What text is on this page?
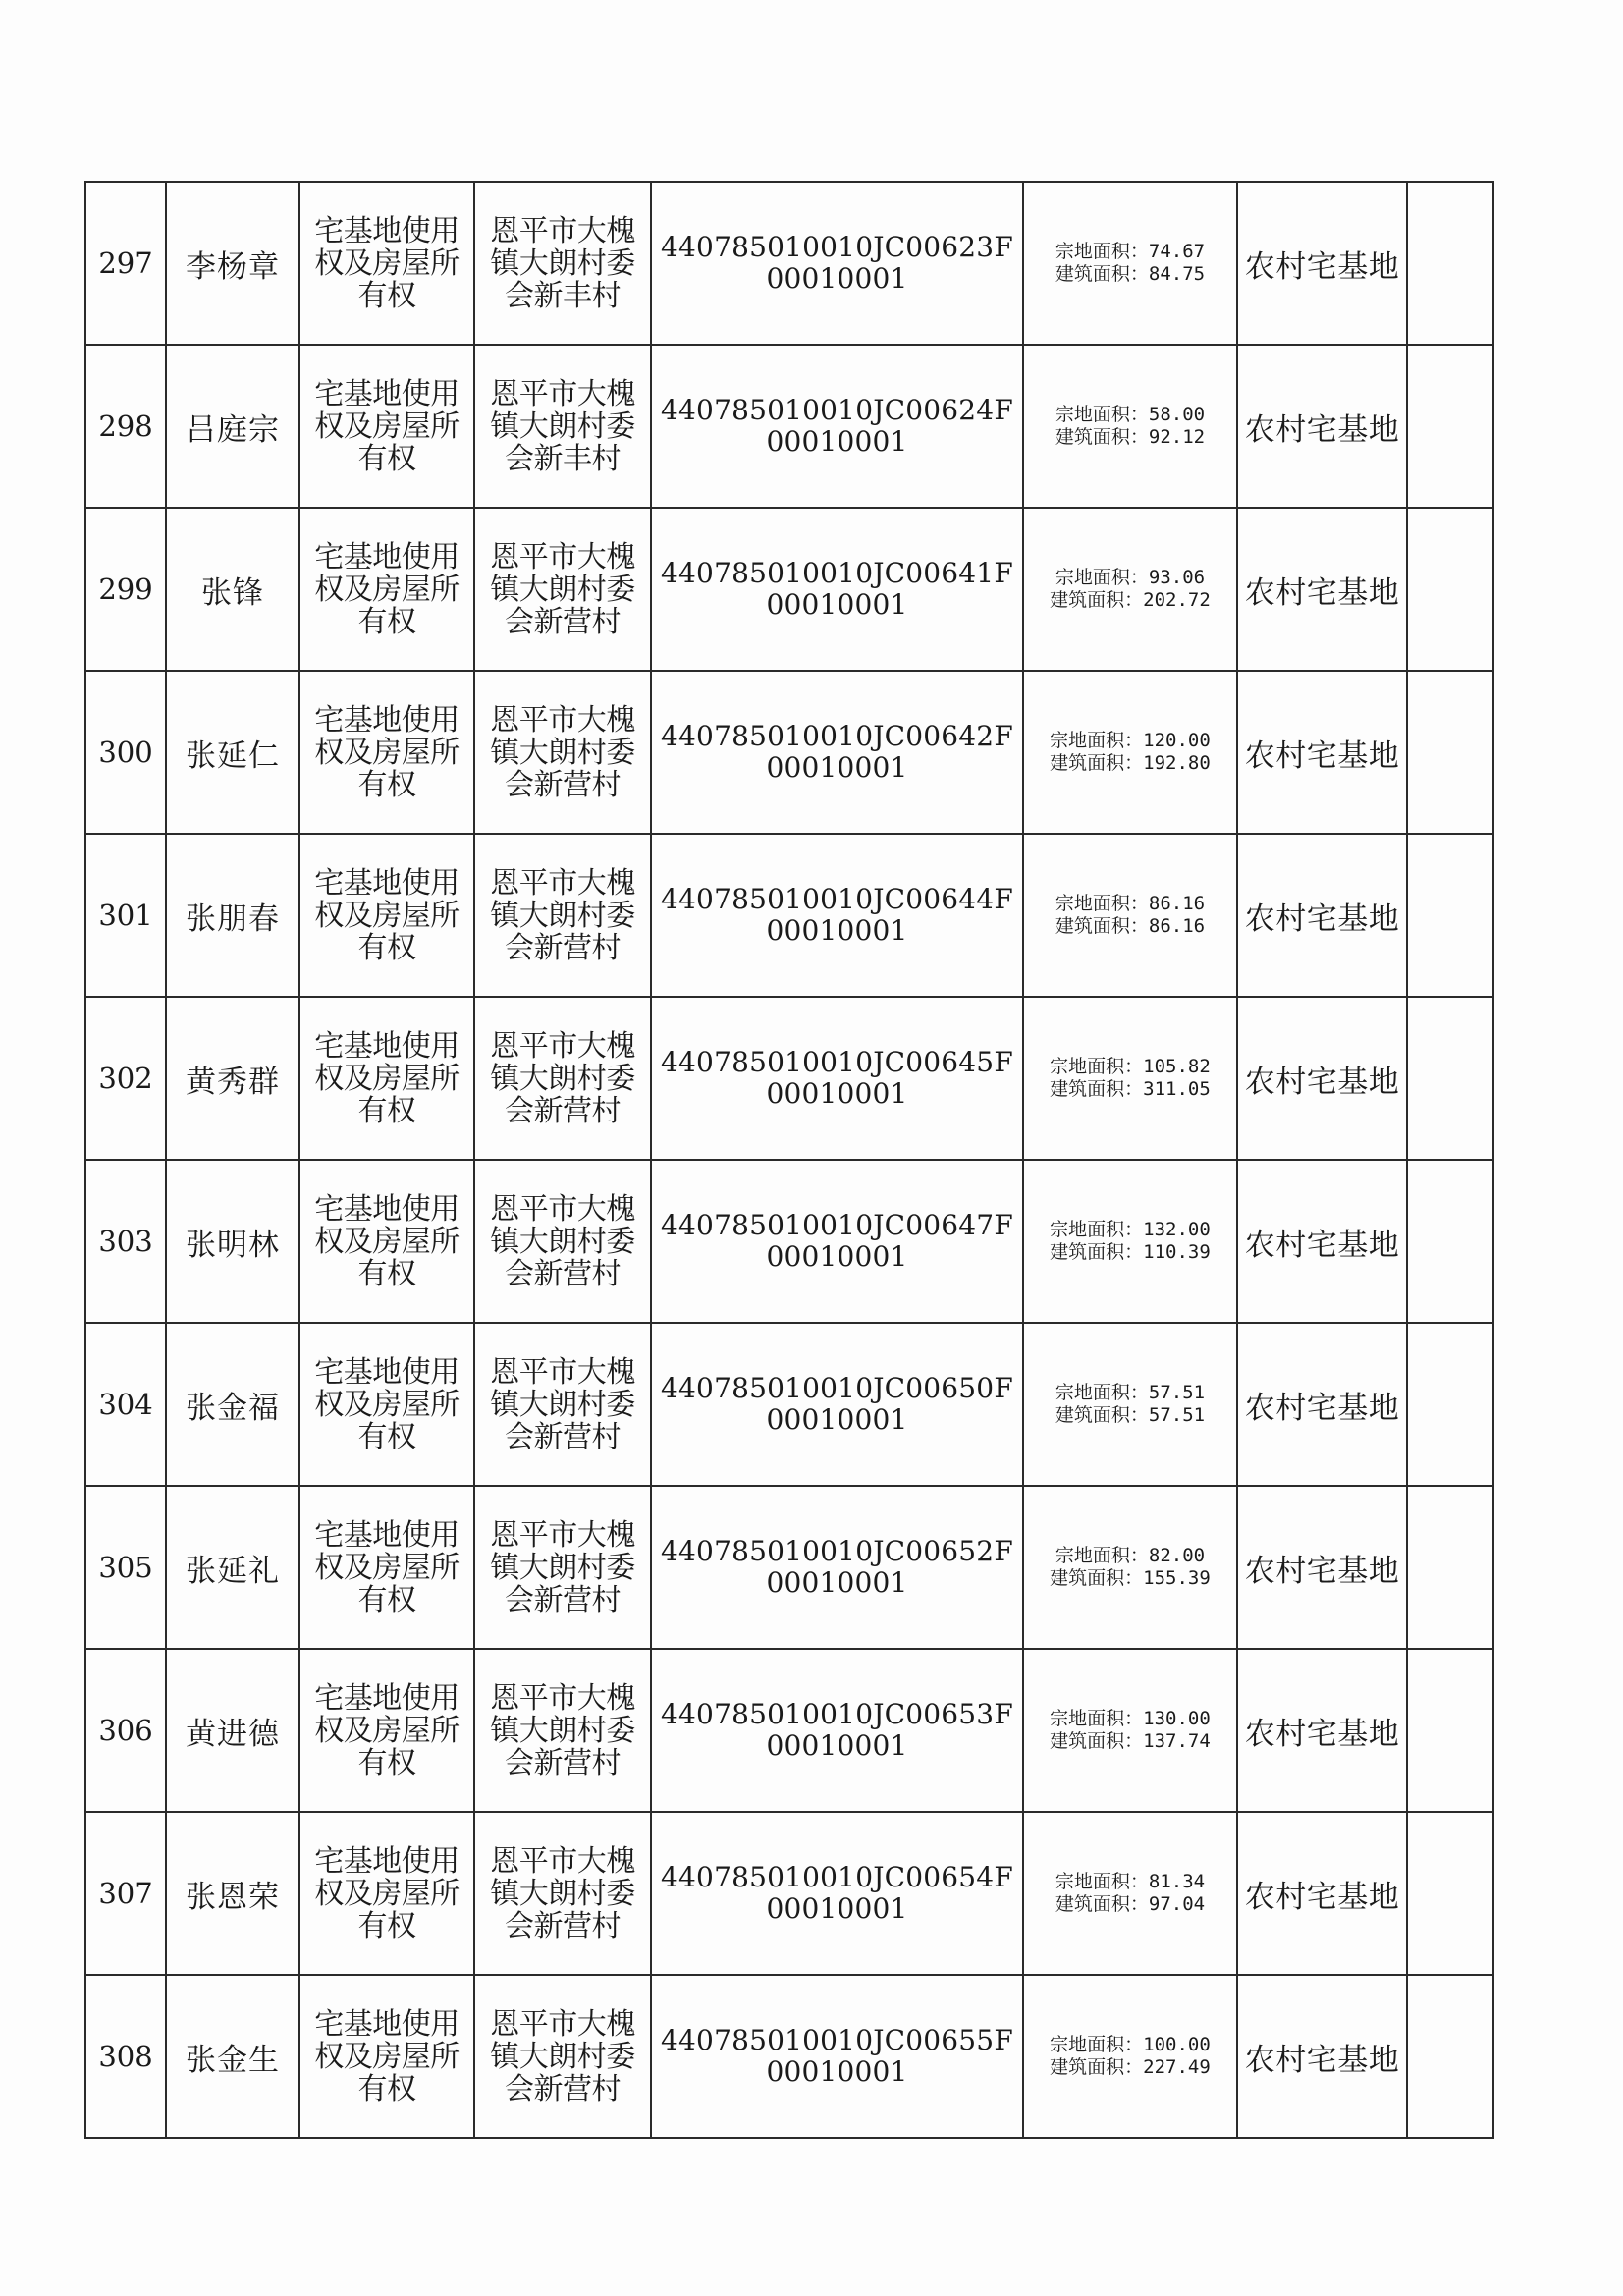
297	李杨章	宅基地使用权及房屋所有权	恩平市大槐镇大朗村委会新丰村	440785010010JC00623F00010001	宗地面积：74.67
建筑面积：84.75	农村宅基地	
298	吕庭宗	宅基地使用权及房屋所有权	恩平市大槐镇大朗村委会新丰村	440785010010JC00624F00010001	宗地面积：58.00
建筑面积：92.12	农村宅基地	
299	张锋	宅基地使用权及房屋所有权	恩平市大槐镇大朗村委会新营村	440785010010JC00641F00010001	宗地面积：93.06
建筑面积：202.72	农村宅基地	
300	张延仁	宅基地使用权及房屋所有权	恩平市大槐镇大朗村委会新营村	440785010010JC00642F00010001	宗地面积：120.00
建筑面积：192.80	农村宅基地	
301	张朋春	宅基地使用权及房屋所有权	恩平市大槐镇大朗村委会新营村	440785010010JC00644F00010001	宗地面积：86.16
建筑面积：86.16	农村宅基地	
302	黄秀群	宅基地使用权及房屋所有权	恩平市大槐镇大朗村委会新营村	440785010010JC00645F00010001	宗地面积：105.82
建筑面积：311.05	农村宅基地	
303	张明林	宅基地使用权及房屋所有权	恩平市大槐镇大朗村委会新营村	440785010010JC00647F00010001	宗地面积：132.00
建筑面积：110.39	农村宅基地	
304	张金福	宅基地使用权及房屋所有权	恩平市大槐镇大朗村委会新营村	440785010010JC00650F00010001	宗地面积：57.51
建筑面积：57.51	农村宅基地	
305	张延礼	宅基地使用权及房屋所有权	恩平市大槐镇大朗村委会新营村	440785010010JC00652F00010001	宗地面积：82.00
建筑面积：155.39	农村宅基地	
306	黄进德	宅基地使用权及房屋所有权	恩平市大槐镇大朗村委会新营村	440785010010JC00653F00010001	宗地面积：130.00
建筑面积：137.74	农村宅基地	
307	张恩荣	宅基地使用权及房屋所有权	恩平市大槐镇大朗村委会新营村	440785010010JC00654F00010001	宗地面积：81.34
建筑面积：97.04	农村宅基地	
308	张金生	宅基地使用权及房屋所有权	恩平市大槐镇大朗村委会新营村	440785010010JC00655F00010001	宗地面积：100.00
建筑面积：227.49	农村宅基地	
